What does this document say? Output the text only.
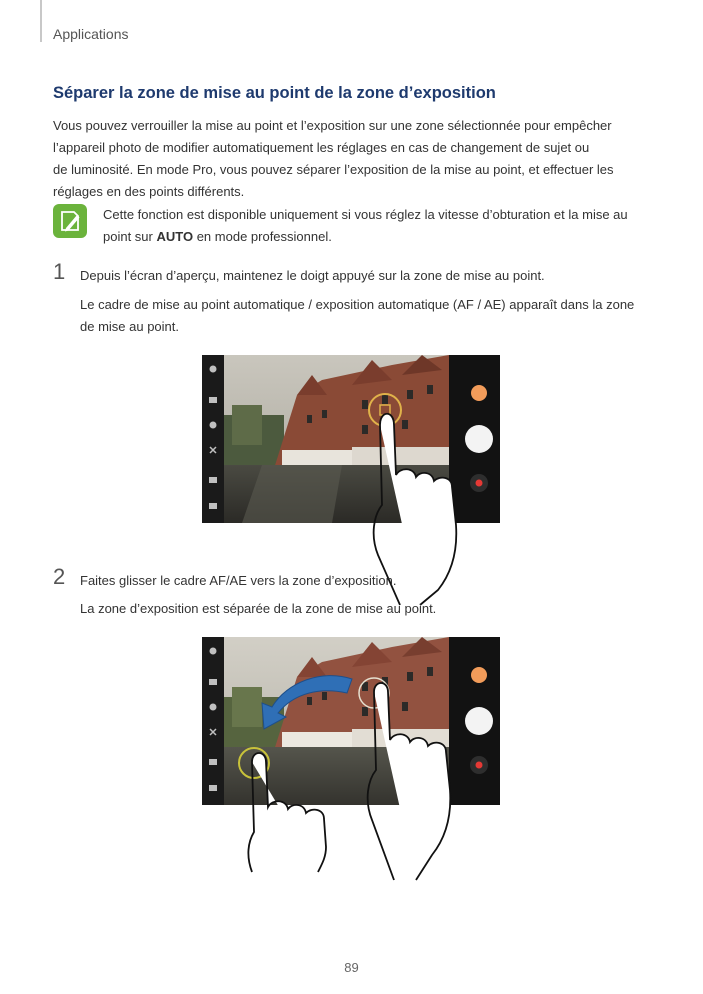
Applications
Séparer la zone de mise au point de la zone d’exposition

Vous pouvez verrouiller la mise au point et l’exposition sur une zone sélectionnée pour empêcher
l’appareil photo de modifier automatiquement les réglages en cas de changement de sujet ou
de luminosité. En mode Pro, vous pouvez séparer l’exposition de la mise au point, et effectuer les
réglages en des points différents.

Cette fonction est disponible uniquement si vous réglez la vitesse d’obturation et la mise au
point sur AUTO en mode professionnel.

1 Depuis l’écran d’aperçu, maintenez le doigt appuyé sur la zone de mise au point.

Le cadre de mise au point automatique / exposition automatique (AF / AE) apparaît dans la zone
de mise au point.

2 Faites glisser le cadre AF/AE vers la zone d’exposition.

La zone d’exposition est séparée de la zone de mise au point.

89
